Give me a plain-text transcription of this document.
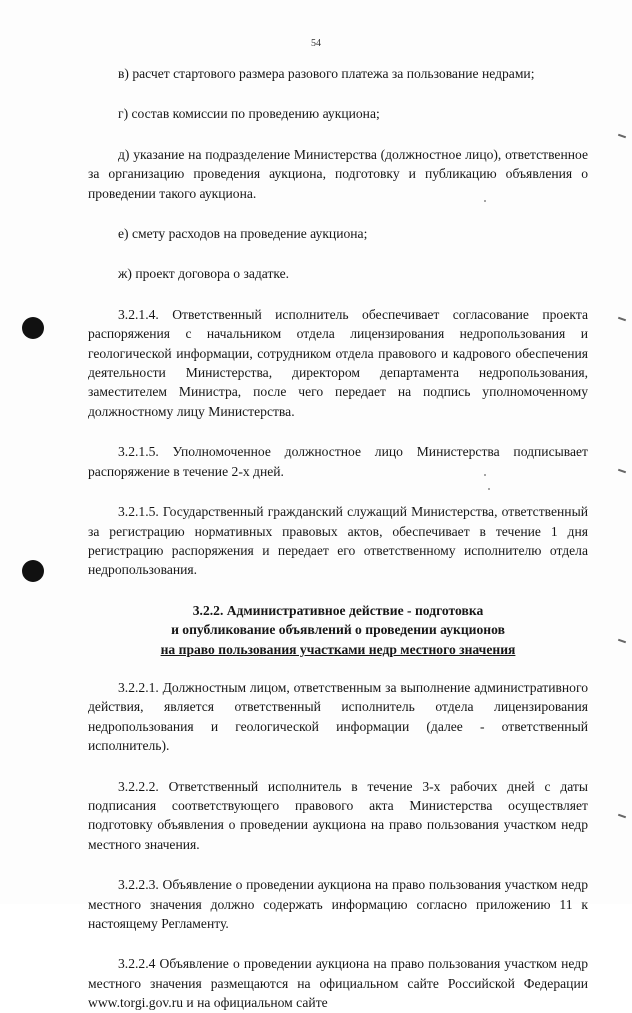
54

в) расчет стартового размера разового платежа за пользование недрами;

г) состав комиссии по проведению аукциона;

д) указание на подразделение Министерства (должностное лицо), ответственное за организацию проведения аукциона, подготовку и публикацию объявления о проведении такого аукциона.

е) смету расходов на проведение аукциона;

ж) проект договора о задатке.

3.2.1.4. Ответственный исполнитель обеспечивает согласование проекта распоряжения с начальником отдела лицензирования недропользования и геологической информации, сотрудником отдела правового и кадрового обеспечения деятельности Министерства, директором департамента недропользования, заместителем Министра, после чего передает на подпись уполномоченному должностному лицу Министерства.

3.2.1.5. Уполномоченное должностное лицо Министерства подписывает распоряжение в течение 2-х дней.

3.2.1.5. Государственный гражданский служащий Министерства, ответственный за регистрацию нормативных правовых актов, обеспечивает в течение 1 дня регистрацию распоряжения и передает его ответственному исполнителю отдела недропользования.

3.2.2. Административное действие - подготовка
и опубликование объявлений о проведении аукционов
на право пользования участками недр местного значения

3.2.2.1. Должностным лицом, ответственным за выполнение административного действия, является ответственный исполнитель отдела лицензирования недропользования и геологической информации (далее - ответственный исполнитель).

3.2.2.2. Ответственный исполнитель в течение 3-х рабочих дней с даты подписания соответствующего правового акта Министерства осуществляет подготовку объявления о проведении аукциона на право пользования участком недр местного значения.

3.2.2.3. Объявление о проведении аукциона на право пользования участком недр местного значения должно содержать информацию согласно приложению 11 к настоящему Регламенту.

3.2.2.4 Объявление о проведении аукциона на право пользования участком недр местного значения размещаются на официальном сайте Российской Федерации www.torgi.gov.ru и на официальном сайте
